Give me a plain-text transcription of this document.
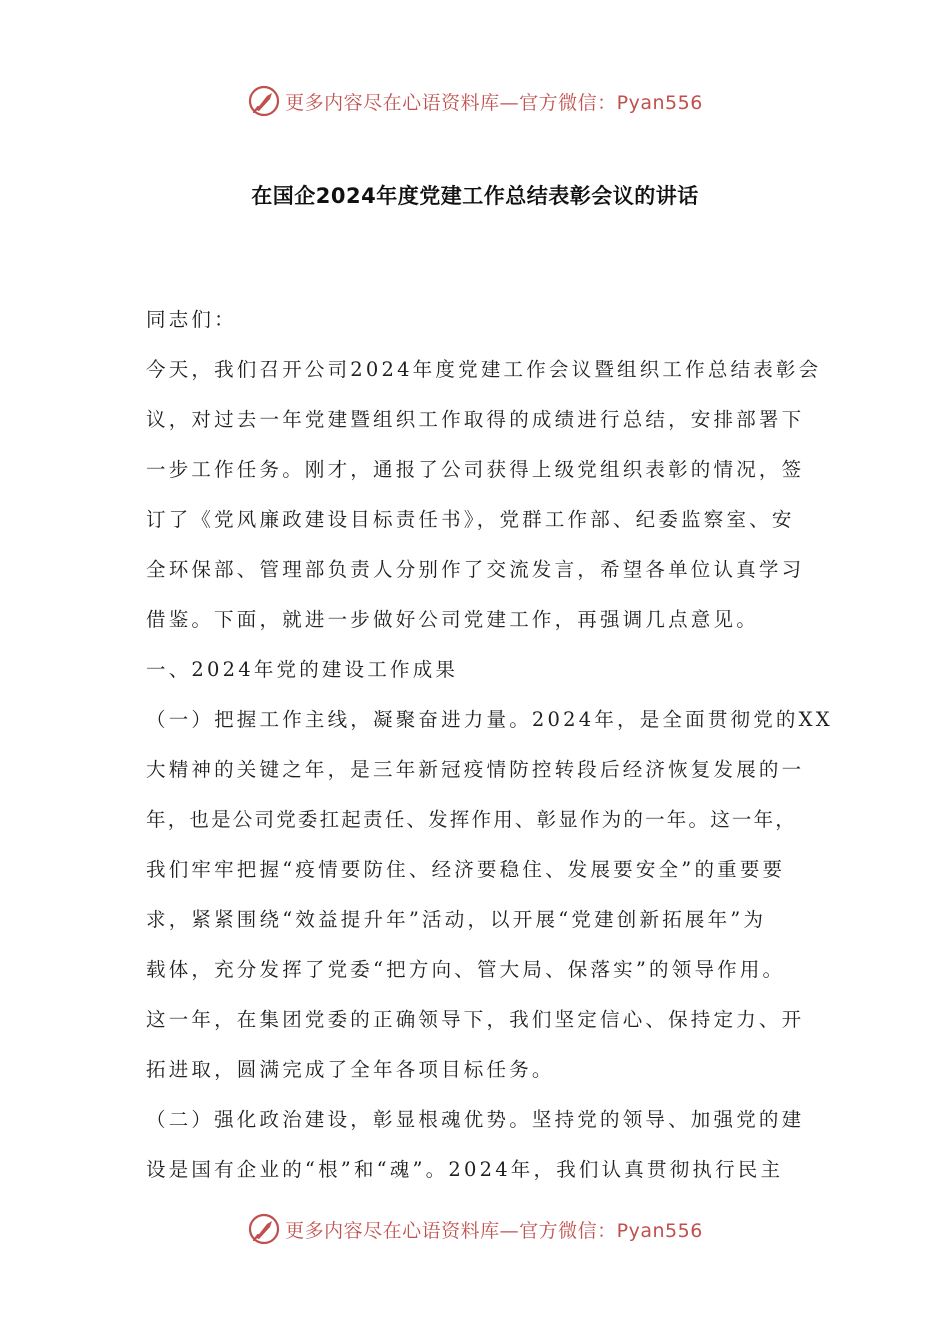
更多内容尽在心语资料库—官方微信：Pyan556
在国企2024年度党建工作总结表彰会议的讲话
同志们：
今天，我们召开公司2024年度党建工作会议暨组织工作总结表彰会
议，对过去一年党建暨组织工作取得的成绩进行总结，安排部署下
一步工作任务。刚才，通报了公司获得上级党组织表彰的情况，签
订了《党风廉政建设目标责任书》，党群工作部、纪委监察室、安
全环保部、管理部负责人分别作了交流发言，希望各单位认真学习
借鉴。下面，就进一步做好公司党建工作，再强调几点意见。
一、2024年党的建设工作成果
（一）把握工作主线，凝聚奋进力量。2024年，是全面贯彻党的XX
大精神的关键之年，是三年新冠疫情防控转段后经济恢复发展的一
年，也是公司党委扛起责任、发挥作用、彰显作为的一年。这一年，
我们牢牢把握“疫情要防住、经济要稳住、发展要安全”的重要要
求，紧紧围绕“效益提升年”活动，以开展“党建创新拓展年”为
载体，充分发挥了党委“把方向、管大局、保落实”的领导作用。
这一年，在集团党委的正确领导下，我们坚定信心、保持定力、开
拓进取，圆满完成了全年各项目标任务。
（二）强化政治建设，彰显根魂优势。坚持党的领导、加强党的建
设是国有企业的“根”和“魂”。2024年，我们认真贯彻执行民主
更多内容尽在心语资料库—官方微信：Pyan556
